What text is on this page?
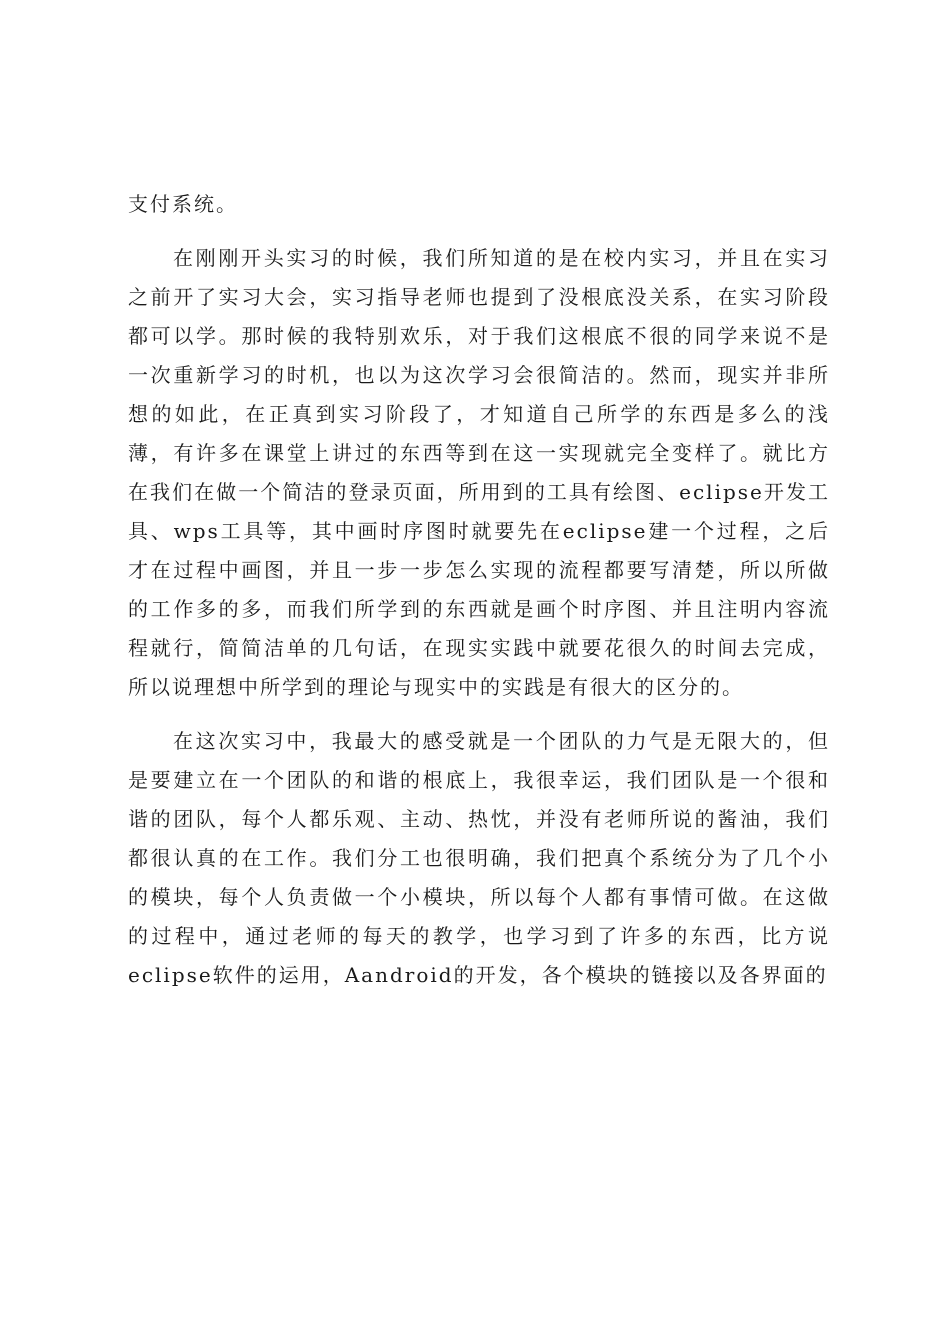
支付系统。

在刚刚开头实习的时候，我们所知道的是在校内实习，并且在实习之前开了实习大会，实习指导老师也提到了没根底没关系，在实习阶段都可以学。那时候的我特别欢乐，对于我们这根底不很的同学来说不是一次重新学习的时机，也以为这次学习会很简洁的。然而，现实并非所想的如此，在正真到实习阶段了，才知道自己所学的东西是多么的浅薄，有许多在课堂上讲过的东西等到在这一实现就完全变样了。就比方在我们在做一个简洁的登录页面，所用到的工具有绘图、eclipse开发工具、wps工具等，其中画时序图时就要先在eclipse建一个过程，之后才在过程中画图，并且一步一步怎么实现的流程都要写清楚，所以所做的工作多的多，而我们所学到的东西就是画个时序图、并且注明内容流程就行，简简洁单的几句话，在现实实践中就要花很久的时间去完成，所以说理想中所学到的理论与现实中的实践是有很大的区分的。

在这次实习中，我最大的感受就是一个团队的力气是无限大的，但是要建立在一个团队的和谐的根底上，我很幸运，我们团队是一个很和谐的团队，每个人都乐观、主动、热忱，并没有老师所说的酱油，我们都很认真的在工作。我们分工也很明确，我们把真个系统分为了几个小的模块，每个人负责做一个小模块，所以每个人都有事情可做。在这做的过程中，通过老师的每天的教学，也学习到了许多的东西，比方说eclipse软件的运用，Aandroid的开发，各个模块的链接以及各界面的
